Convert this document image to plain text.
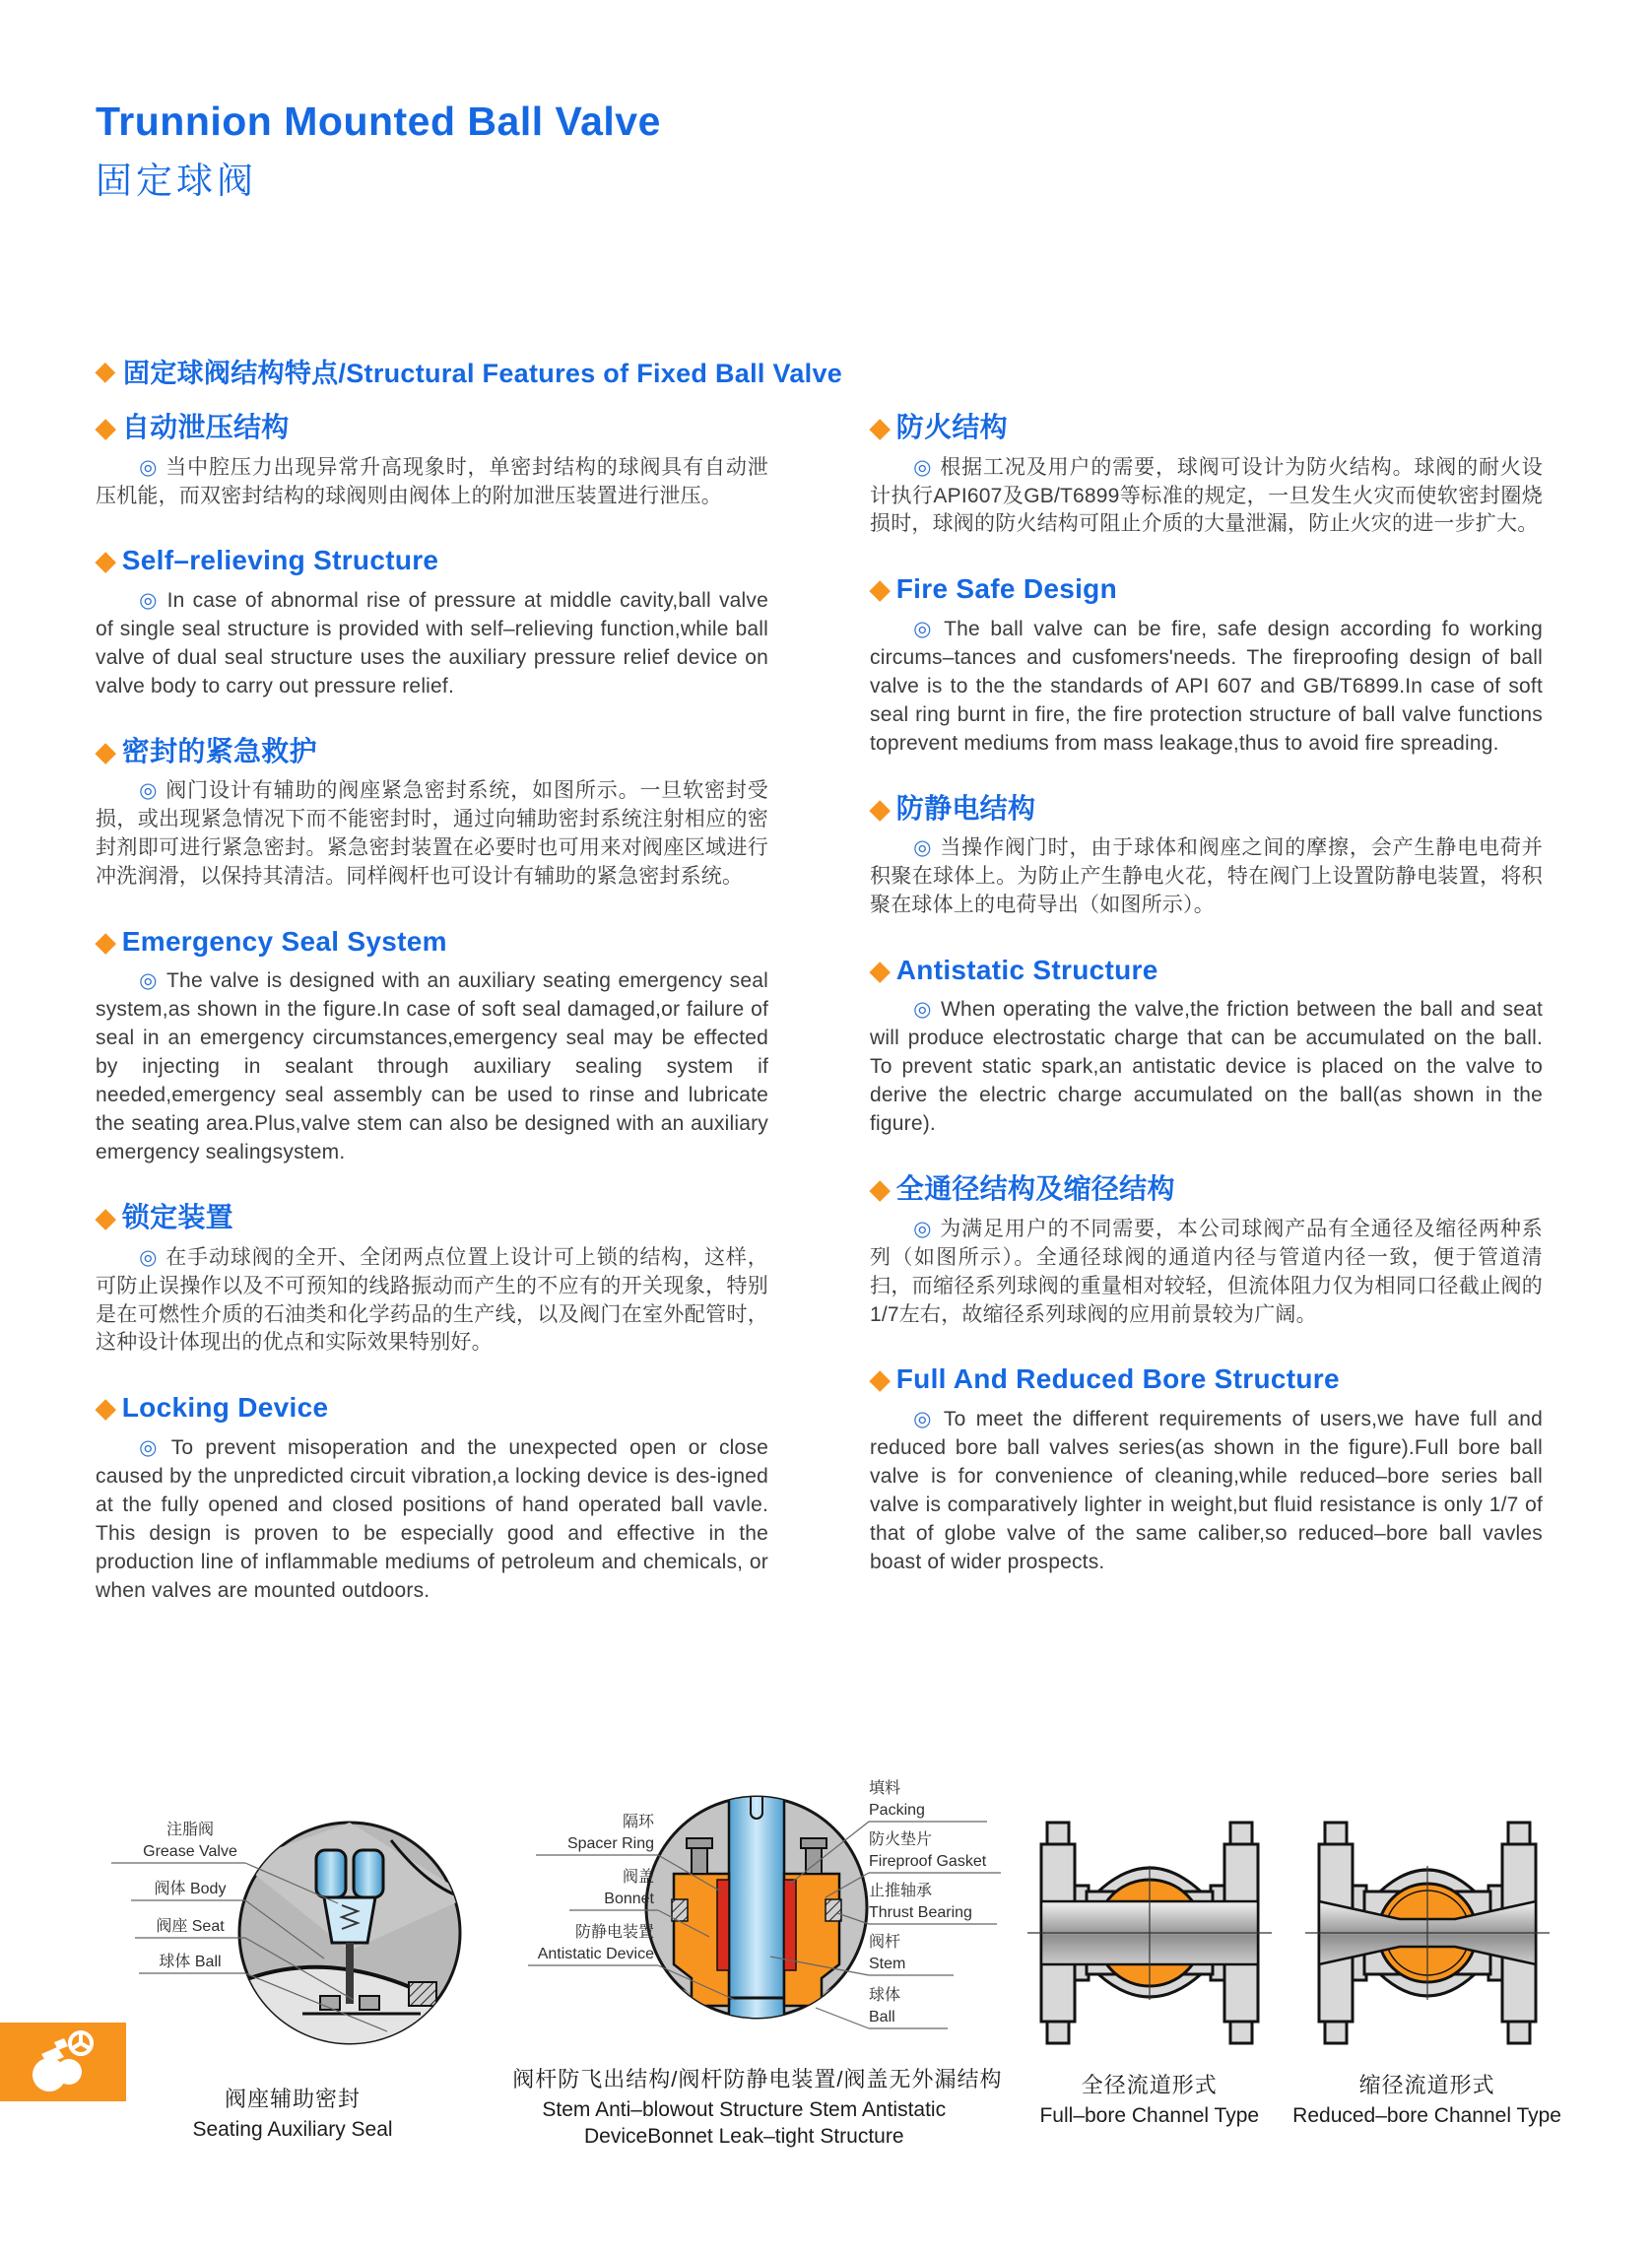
Trunnion Mounted Ball Valve
固定球阀
◆ 固定球阀结构特点/Structural Features of Fixed Ball Valve
◆ 自动泄压结构

◎ 当中腔压力出现异常升高现象时，单密封结构的球阀具有自动泄压机能，而双密封结构的球阀则由阀体上的附加泄压装置进行泄压。

◆ Self–relieving Structure

◎ In case of abnormal rise of pressure at middle cavity,ball valve of single seal structure is provided with self–relieving function,while ball valve of dual seal structure uses the auxiliary pressure relief device on valve body to carry out pressure relief.

◆ 密封的紧急救护

◎ 阀门设计有辅助的阀座紧急密封系统，如图所示。一旦软密封受损，或出现紧急情况下而不能密封时，通过向辅助密封系统注射相应的密封剂即可进行紧急密封。紧急密封装置在必要时也可用来对阀座区域进行冲洗润滑，以保持其清洁。同样阀杆也可设计有辅助的紧急密封系统。

◆ Emergency Seal System

◎ The valve is designed with an auxiliary seating emergency seal system,as shown in the figure.In case of soft seal damaged,or failure of seal in an emergency circumstances,emergency seal may be effected by injecting in sealant through auxiliary sealing system if needed,emergency seal assembly can be used to rinse and lubricate the seating area.Plus,valve stem can also be designed with an auxiliary emergency sealingsystem.

◆ 锁定装置

◎ 在手动球阀的全开、全闭两点位置上设计可上锁的结构，这样，可防止误操作以及不可预知的线路振动而产生的不应有的开关现象，特别是在可燃性介质的石油类和化学药品的生产线，以及阀门在室外配管时，这种设计体现出的优点和实际效果特别好。

◆ Locking Device

◎ To prevent misoperation and the unexpected open or close caused by the unpredicted circuit vibration,a locking device is des-igned at the fully opened and closed positions of hand operated ball vavle. This design is proven to be especially good and effective in the production line of inflammable mediums of petroleum and chemicals, or when valves are mounted outdoors.

◆ 防火结构

◎ 根据工况及用户的需要，球阀可设计为防火结构。球阀的耐火设计执行API607及GB/T6899等标准的规定，一旦发生火灾而使软密封圈烧损时，球阀的防火结构可阻止介质的大量泄漏，防止火灾的进一步扩大。

◆ Fire Safe Design

◎ The ball valve can be fire, safe design according fo working circums–tances and cusfomers'needs. The fireproofing design of ball valve is to the the standards of API 607 and GB/T6899.In case of soft seal ring burnt in fire, the fire protection structure of ball valve functions toprevent mediums from mass leakage,thus to avoid fire spreading.

◆ 防静电结构

◎ 当操作阀门时，由于球体和阀座之间的摩擦，会产生静电电荷并积聚在球体上。为防止产生静电火花，特在阀门上设置防静电装置，将积聚在球体上的电荷导出（如图所示）。

◆ Antistatic Structure

◎ When operating the valve,the friction between the ball and seat will produce electrostatic charge that can be accumulated on the ball. To prevent static spark,an antistatic device is placed on the valve to derive the electric charge accumulated on the ball(as shown in the figure).

◆ 全通径结构及缩径结构

◎ 为满足用户的不同需要，本公司球阀产品有全通径及缩径两种系列（如图所示）。全通径球阀的通道内径与管道内径一致，便于管道清扫，而缩径系列球阀的重量相对较轻，但流体阻力仅为相同口径截止阀的1/7左右，故缩径系列球阀的应用前景较为广阔。

◆ Full And Reduced Bore Structure

◎ To meet the different requirements of users,we have full and reduced bore ball valves series(as shown in the figure).Full bore ball valve is for convenience of cleaning,while reduced–bore series ball valve is comparatively lighter in weight,but fluid resistance is only 1/7 of that of globe valve of the same caliber,so reduced–bore ball vavles boast of wider prospects.

注脂阀
Grease Valve
阀体 Body
阀座 Seat
球体 Ball
阀座辅助密封
Seating Auxiliary Seal
隔环
Spacer Ring
阀盖
Bonnet
防静电装置
Antistatic Device
填料
Packing
防火垫片
Fireproof Gasket
止推轴承
Thrust Bearing
阀杆
Stem
球体
Ball
阀杆防飞出结构/阀杆防静电装置/阀盖无外漏结构
Stem Anti–blowout Structure Stem Antistatic DeviceBonnet Leak–tight Structure
全径流道形式
Full–bore Channel Type
缩径流道形式
Reduced–bore Channel Type
